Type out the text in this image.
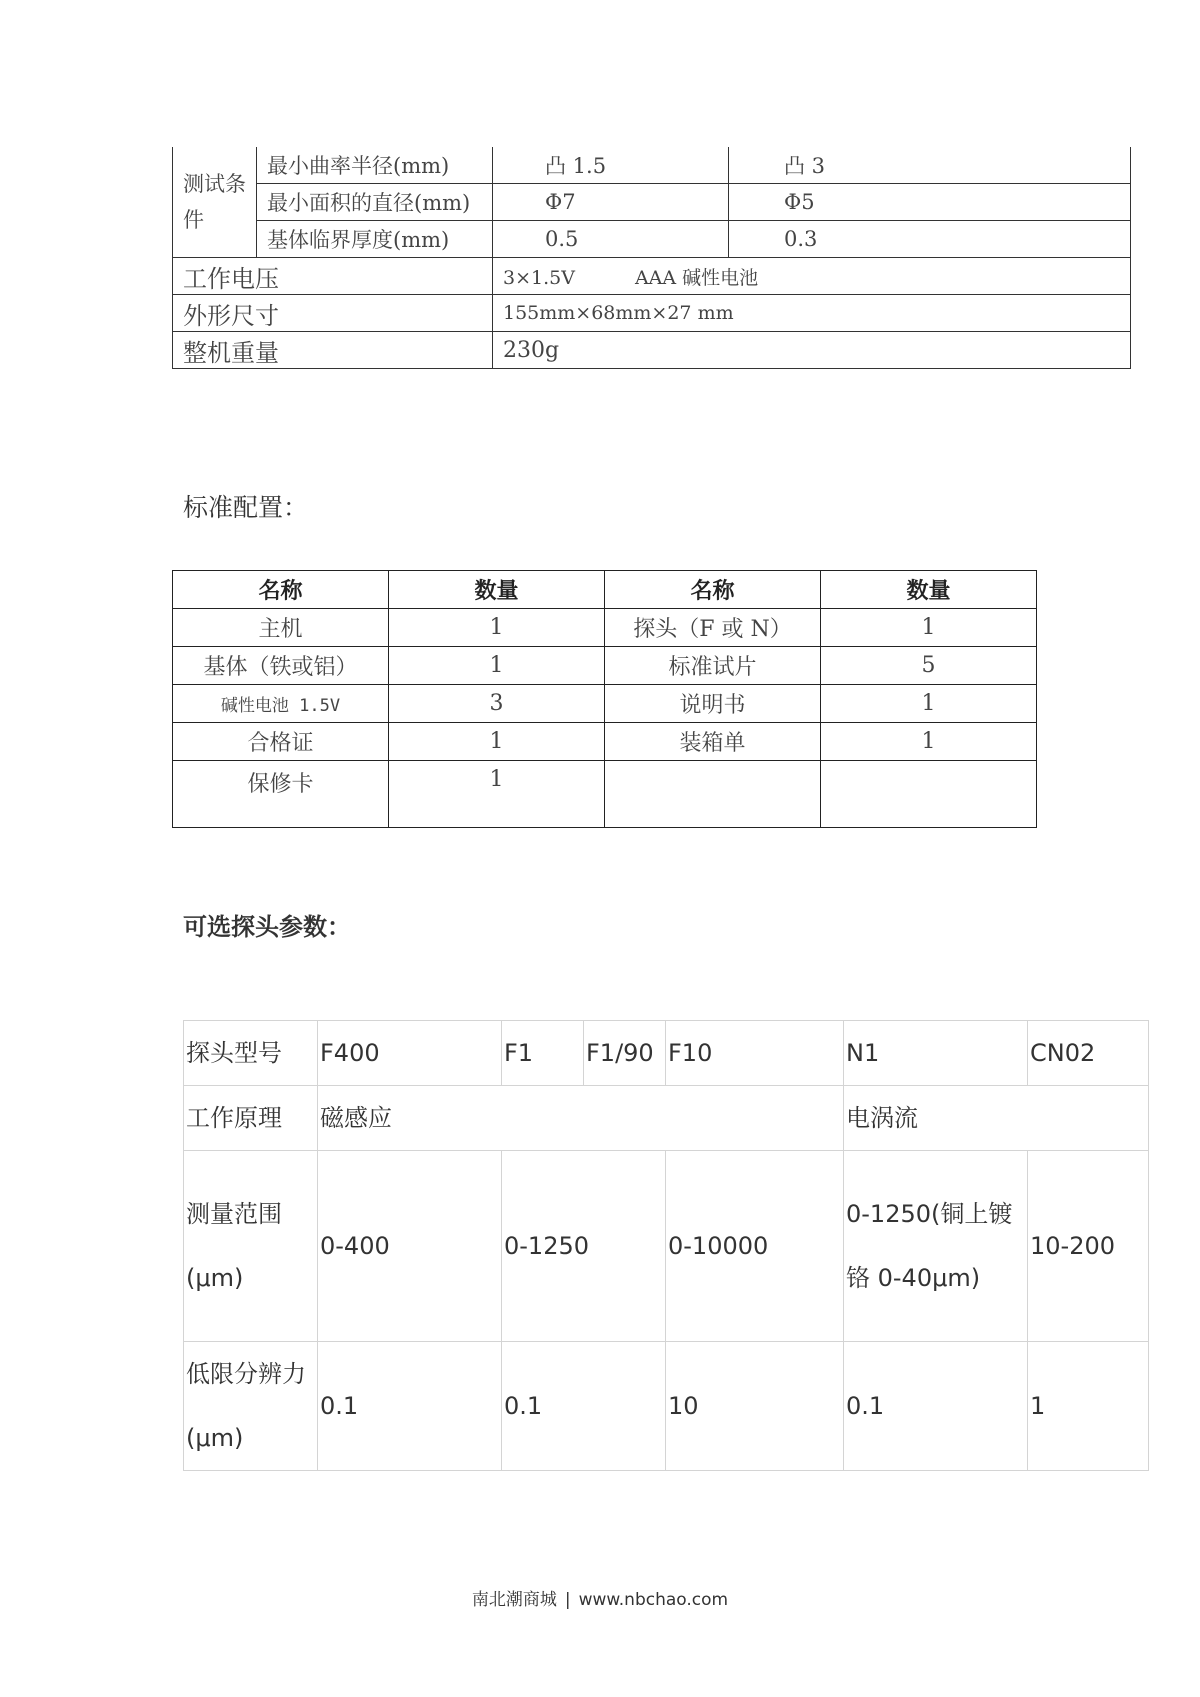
测试条件	最小曲率半径(mm)	凸 1.5	凸 3
	最小面积的直径(mm)	Φ7	Φ5
	基体临界厚度(mm)	0.5	0.3
工作电压		3×1.5V AAA 碱性电池	
外形尺寸		155mm×68mm×27 mm	
整机重量		230g	
标准配置：
名称	数量	名称	数量
主机	1	探头（F 或 N）	1
基体（铁或铝）	1	标准试片	5
碱性电池 1.5V	3	说明书	1
合格证	1	装箱单	1
保修卡	1		
可选探头参数：
探头型号	F400	F1	F1/90	F10	N1	CN02
工作原理	磁感应				电涡流	
测量范围(μm)	0-400	0-1250		0-10000	0-1250(铜上镀铬 0-40μm)	10-200
低限分辨力(μm)	0.1	0.1		10	0.1	1
南北潮商城 | www.nbchao.com
